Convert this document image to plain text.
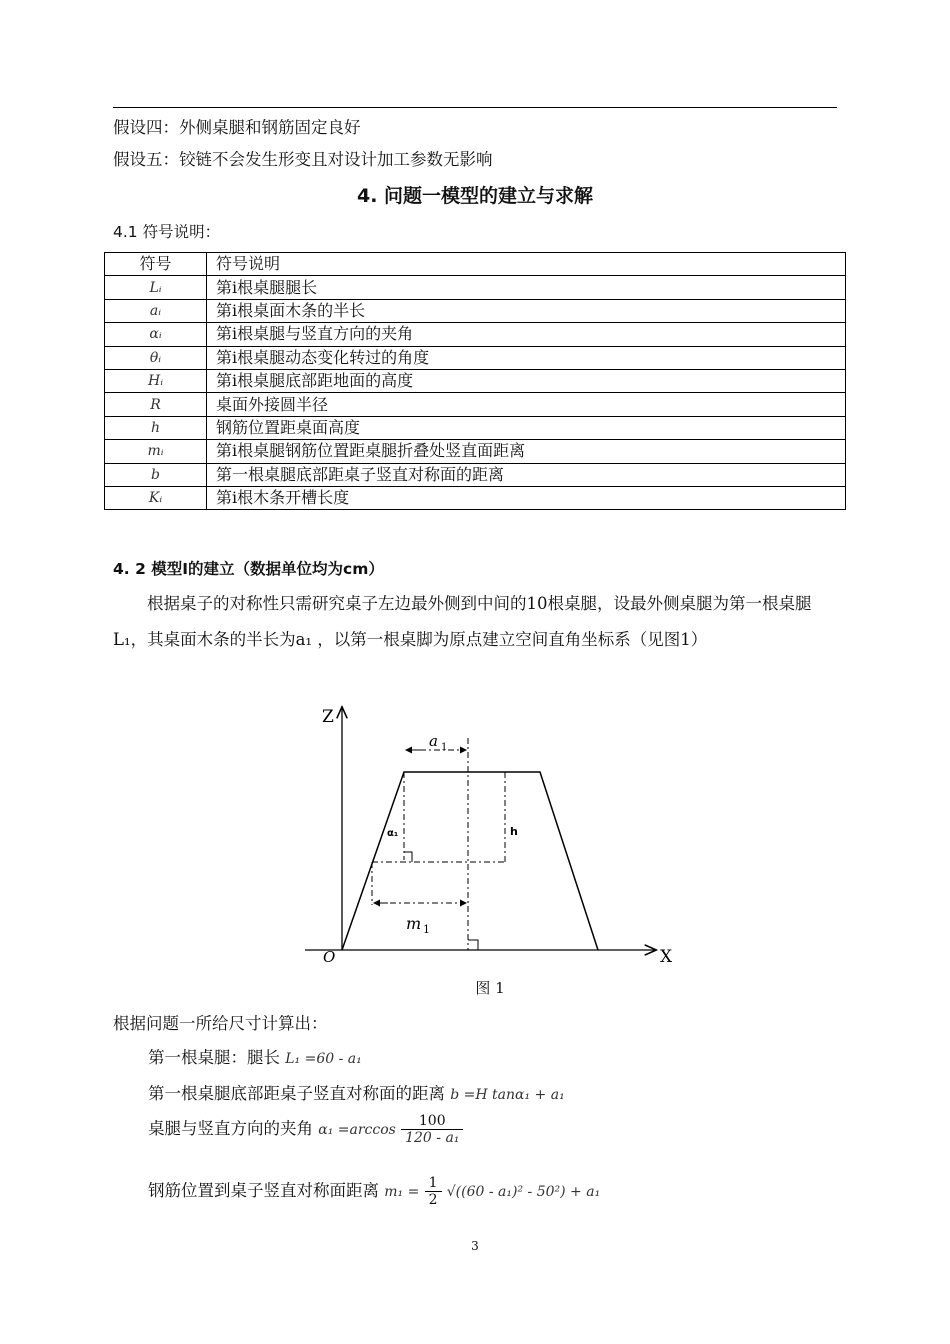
假设四：外侧桌腿和钢筋固定良好
假设五：铰链不会发生形变且对设计加工参数无影响
4. 问题一模型的建立与求解
4.1 符号说明：
符号	符号说明
Lᵢ	第i根桌腿腿长
aᵢ	第i根桌面木条的半长
αᵢ	第i根桌腿与竖直方向的夹角
θᵢ	第i根桌腿动态变化转过的角度
Hᵢ	第i根桌腿底部距地面的高度
R	桌面外接圆半径
h	钢筋位置距桌面高度
mᵢ	第i根桌腿钢筋位置距桌腿折叠处竖直面距离
b	第一根桌腿底部距桌子竖直对称面的距离
Kᵢ	第i根木条开槽长度
4. 2 模型Ⅰ的建立（数据单位均为cm）
根据桌子的对称性只需研究桌子左边最外侧到中间的10根桌腿，设最外侧桌腿为第一根桌腿L₁，其桌面木条的半长为a₁ ，以第一根桌脚为原点建立空间直角坐标系（见图1）
Z
X
O
a 1
h
α₁
m 1
图 1
根据问题一所给尺寸计算出：
第一根桌腿：腿长 L₁ =60 - a₁
第一根桌腿底部距桌子竖直对称面的距离 b =H tanα₁ + a₁
桌腿与竖直方向的夹角 $\alpha_1 =\arccos \frac{100}{\text{120 - a₁}}$
钢筋位置到桌子竖直对称面距离 $m_1 = \frac{1}{2} √((60 - a_1)^2 - 50^2) + a_1$
3
